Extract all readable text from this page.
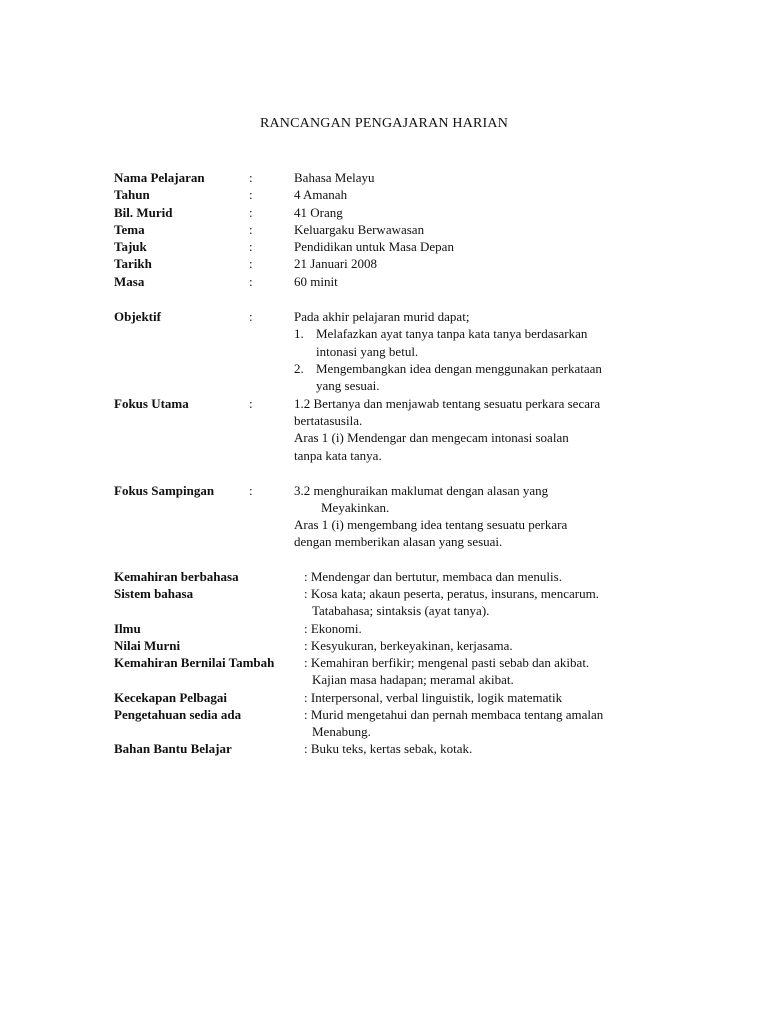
RANCANGAN PENGAJARAN HARIAN
Nama Pelajaran	:	Bahasa Melayu
Tahun	:	4 Amanah
Bil. Murid	:	41 Orang
Tema	:	Keluargaku Berwawasan
Tajuk	:	Pendidikan untuk Masa Depan
Tarikh	:	21 Januari 2008
Masa	:	60 minit
Objektif	:	Pada akhir pelajaran murid dapat;
1. Melafazkan ayat tanya tanpa kata tanya berdasarkan
intonasi yang betul.
2. Mengembangkan idea dengan menggunakan perkataan
yang sesuai.
Fokus Utama	:	1.2 Bertanya dan menjawab tentang sesuatu perkara secara
bertatasusila.
Aras 1 (i) Mendengar dan mengecam intonasi soalan
tanpa kata tanya.
Fokus Sampingan	:	3.2 menghuraikan maklumat dengan alasan yang
Meyakinkan.
Aras 1 (i) mengembang idea tentang sesuatu perkara
dengan memberikan alasan yang sesuai.
Kemahiran berbahasa	: Mendengar dan bertutur, membaca dan menulis.
Sistem bahasa	: Kosa kata; akaun peserta, peratus, insurans, mencarum.
Tatabahasa; sintaksis (ayat tanya).
Ilmu	: Ekonomi.
Nilai Murni	: Kesyukuran, berkeyakinan, kerjasama.
Kemahiran Bernilai Tambah : Kemahiran berfikir; mengenal pasti sebab dan akibat.
Kajian masa hadapan; meramal akibat.
Kecekapan Pelbagai	: Interpersonal, verbal linguistik, logik matematik
Pengetahuan sedia ada	: Murid mengetahui dan pernah membaca tentang amalan
Menabung.
Bahan Bantu Belajar	: Buku teks, kertas sebak, kotak.
